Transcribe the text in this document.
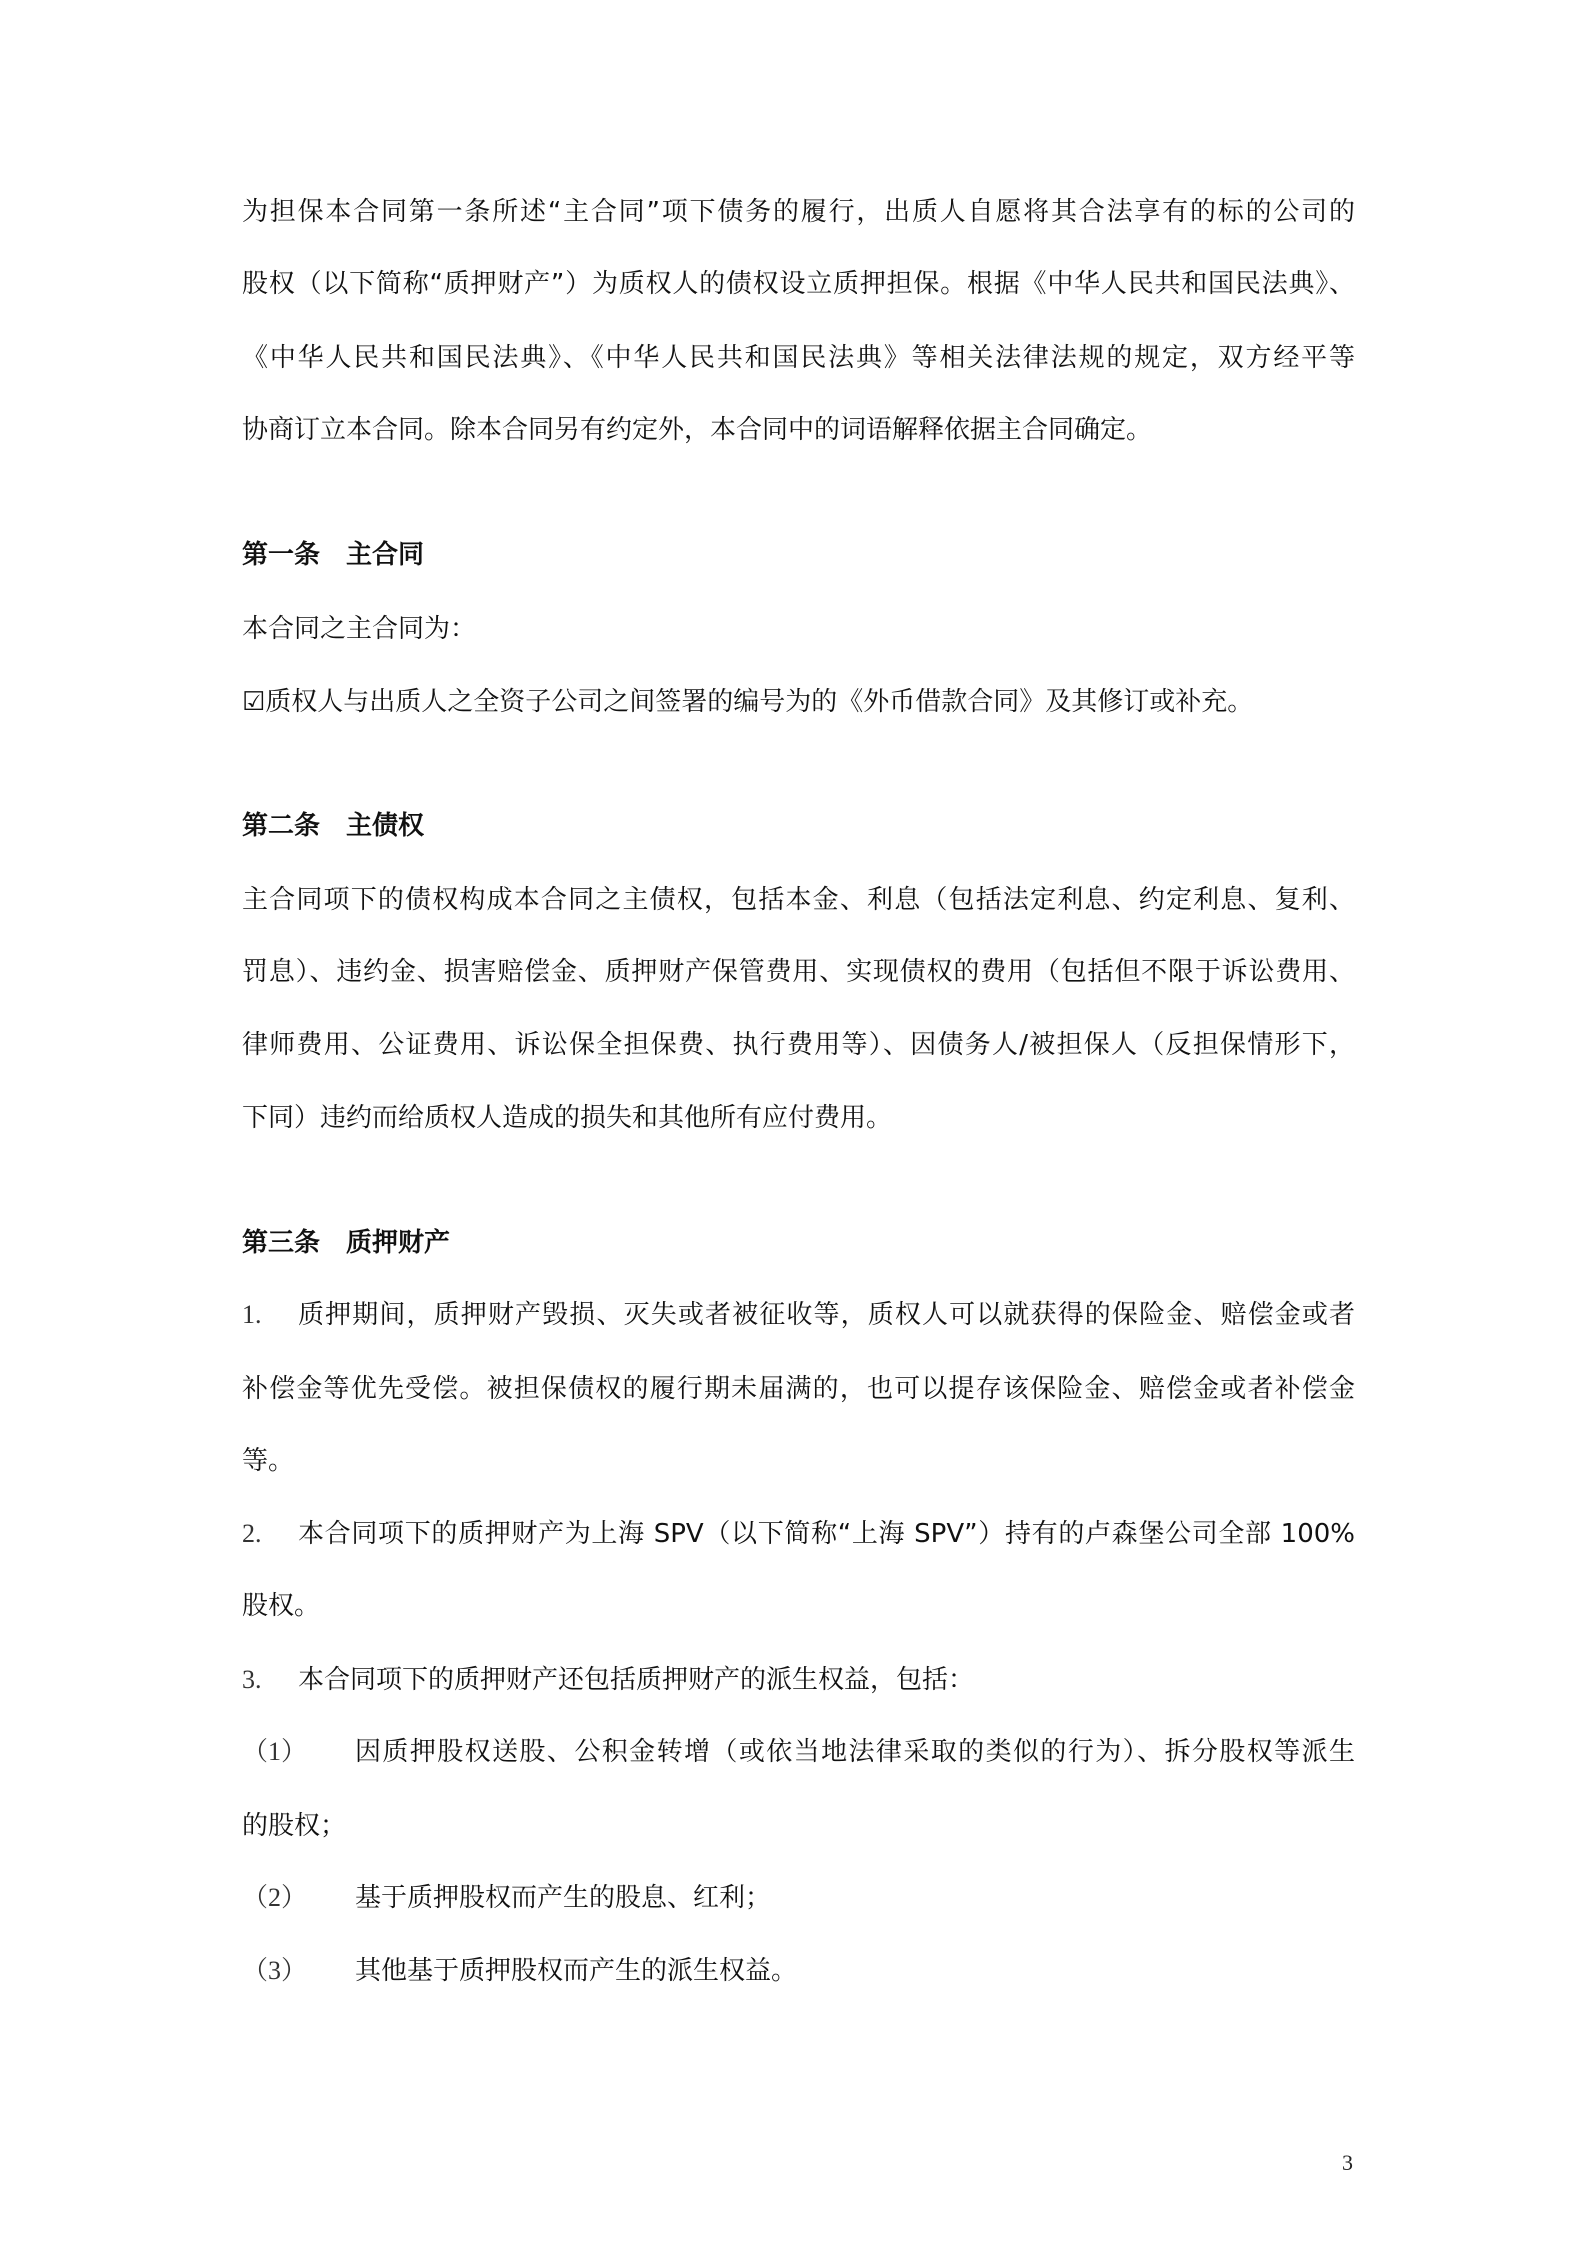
为担保本合同第一条所述“主合同”项下债务的履行，出质人自愿将其合法享有的标的公司的
股权（以下简称“质押财产”）为质权人的债权设立质押担保。根据《中华人民共和国民法典》、
《中华人民共和国民法典》、《中华人民共和国民法典》等相关法律法规的规定，双方经平等
协商订立本合同。除本合同另有约定外，本合同中的词语解释依据主合同确定。
第一条　主合同
本合同之主合同为：
☑质权人与出质人之全资子公司之间签署的编号为的《外币借款合同》及其修订或补充。
第二条　主债权
主合同项下的债权构成本合同之主债权，包括本金、利息（包括法定利息、约定利息、复利、
罚息）、违约金、损害赔偿金、质押财产保管费用、实现债权的费用（包括但不限于诉讼费用、
律师费用、公证费用、诉讼保全担保费、执行费用等）、因债务人/被担保人（反担保情形下，
下同）违约而给质权人造成的损失和其他所有应付费用。
第三条　质押财产
1. 质押期间，质押财产毁损、灭失或者被征收等，质权人可以就获得的保险金、赔偿金或者
补偿金等优先受偿。被担保债权的履行期未届满的，也可以提存该保险金、赔偿金或者补偿金
等。
2. 本合同项下的质押财产为上海 SPV（以下简称“上海 SPV”）持有的卢森堡公司全部 100%
股权。
3. 本合同项下的质押财产还包括质押财产的派生权益，包括：
（1） 因质押股权送股、公积金转增（或依当地法律采取的类似的行为）、拆分股权等派生
的股权；
（2） 基于质押股权而产生的股息、红利；
（3） 其他基于质押股权而产生的派生权益。
3
